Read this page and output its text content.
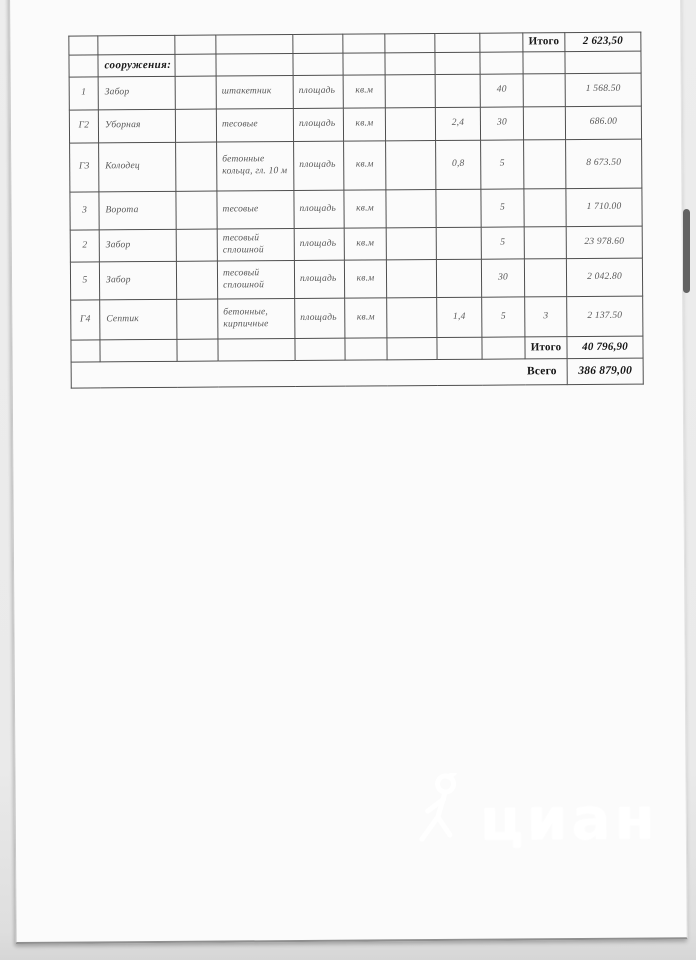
									Итого	2 623,50
	сооружения:									
1	Забор		штакетник	площадь	кв.м			40		1 568.50
Г2	Уборная		тесовые	площадь	кв.м		2,4	30		686.00
Г3	Колодец		бетонные кольца, гл. 10 м	площадь	кв.м		0,8	5		8 673.50
3	Ворота		тесовые	площадь	кв.м			5		1 710.00
2	Забор		тесовый сплошной	площадь	кв.м			5		23 978.60
5	Забор		тесовый сплошной	площадь	кв.м			30		2 042.80
Г4	Септик		бетонные, кирпичные	площадь	кв.м		1,4	5	3	2 137.50
									Итого	40 796,90
Всего										386 879,00
циан
